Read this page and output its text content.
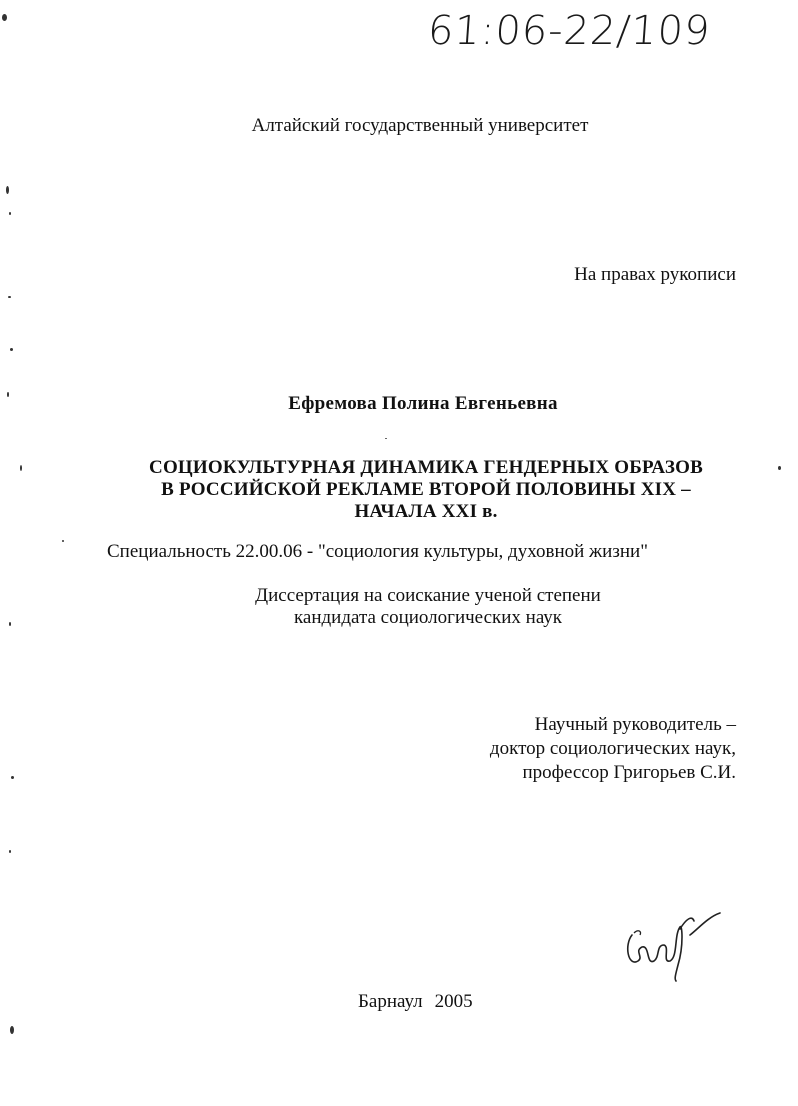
61:06-22/109
Алтайский государственный университет
На правах рукописи
Ефремова Полина Евгеньевна
СОЦИОКУЛЬТУРНАЯ ДИНАМИКА ГЕНДЕРНЫХ ОБРАЗОВ
В РОССИЙСКОЙ РЕКЛАМЕ ВТОРОЙ ПОЛОВИНЫ XIX –
НАЧАЛА XXI в.
Специальность 22.00.06 - "социология культуры, духовной жизни"
Диссертация на соискание ученой степени
кандидата социологических наук
Научный руководитель –
доктор социологических наук,
профессор Григорьев С.И.
Барнаул 2005
